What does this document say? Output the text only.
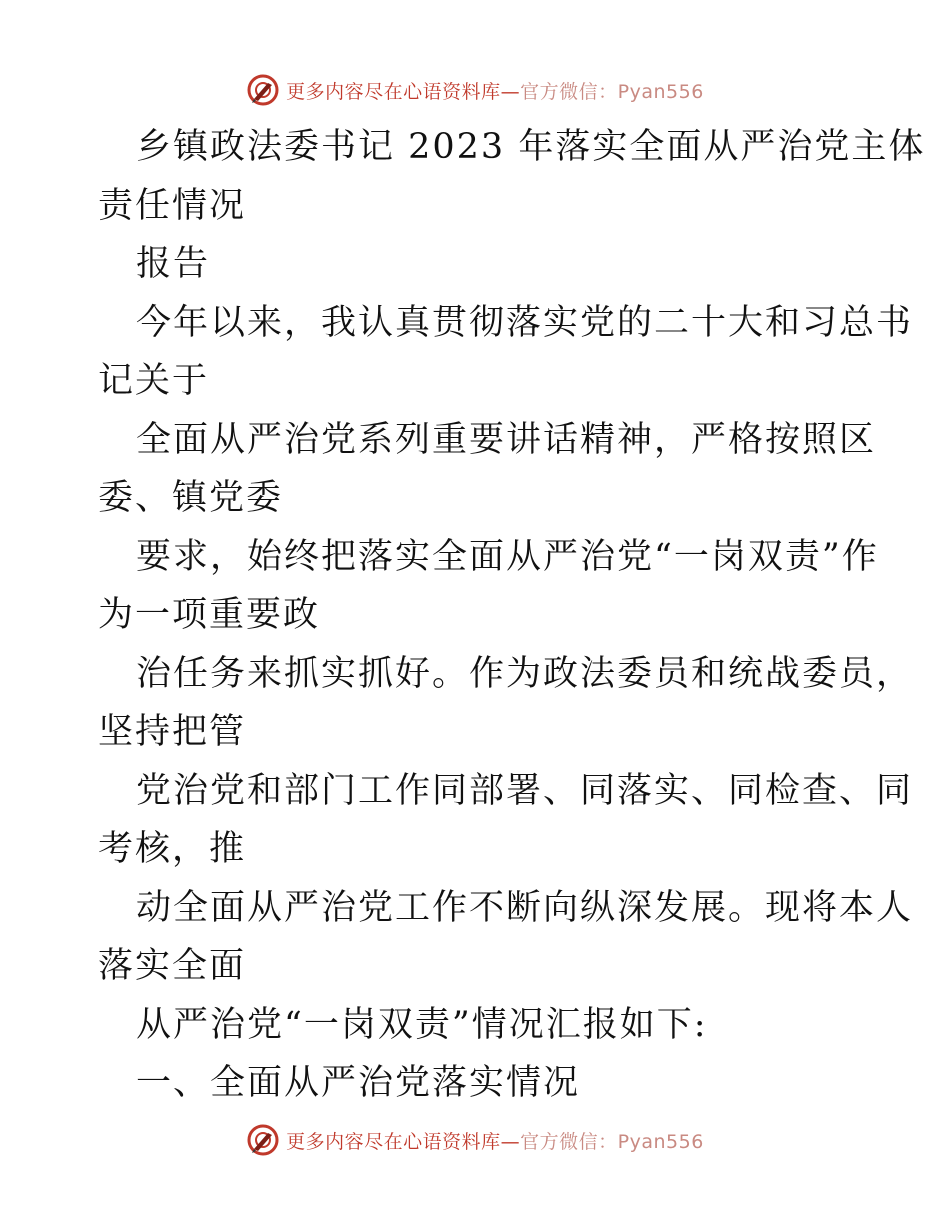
更多内容尽在心语资料库—官方微信：Pyan556
乡镇政法委书记 2023 年落实全面从严治党主体
责任情况
报告
今年以来，我认真贯彻落实党的二十大和习总书
记关于
全面从严治党系列重要讲话精神，严格按照区
委、镇党委
要求，始终把落实全面从严治党“一岗双责”作
为一项重要政
治任务来抓实抓好。作为政法委员和统战委员，
坚持把管
党治党和部门工作同部署、同落实、同检查、同
考核，推
动全面从严治党工作不断向纵深发展。现将本人
落实全面
从严治党“一岗双责”情况汇报如下:
一、全面从严治党落实情况
更多内容尽在心语资料库—官方微信：Pyan556
